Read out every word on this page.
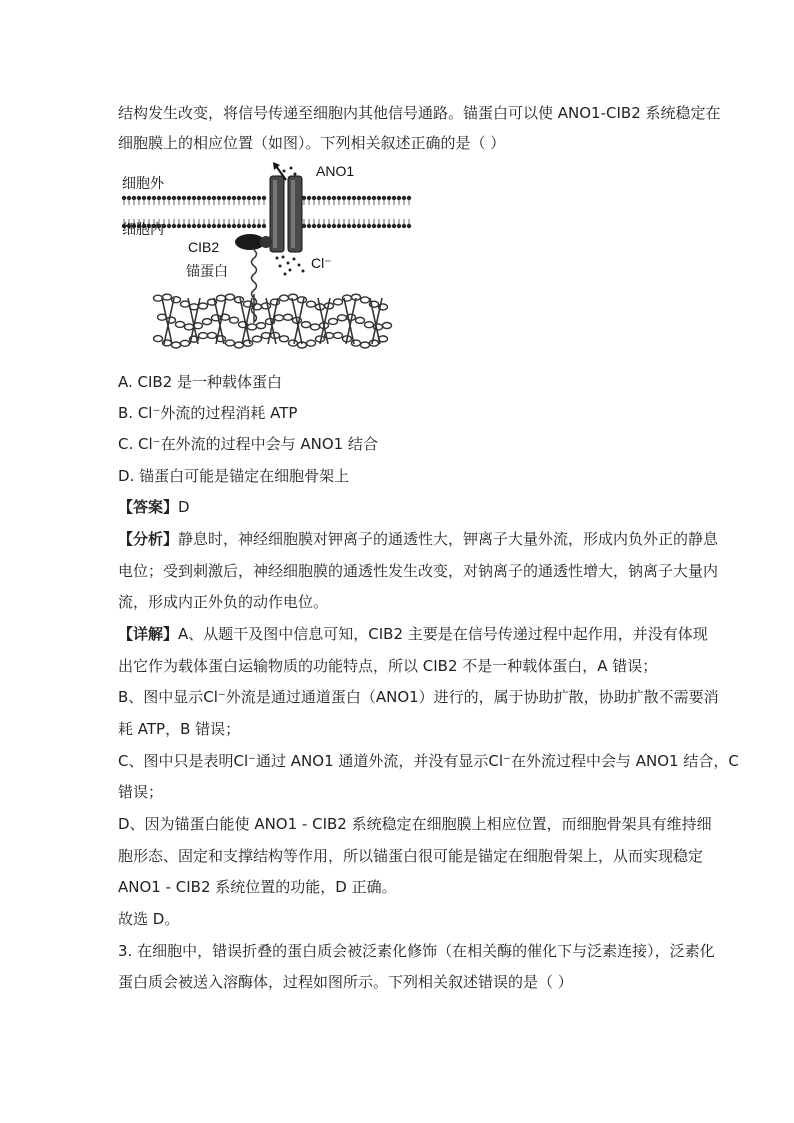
结构发生改变，将信号传递至细胞内其他信号通路。锚蛋白可以使 ANO1-CIB2 系统稳定在
细胞膜上的相应位置（如图）。下列相关叙述正确的是（ ）
细胞外
细胞内
ANO1
CIB2
锚蛋白	Cl⁻
A. CIB2 是一种载体蛋白
B. Cl⁻外流的过程消耗 ATP
C. Cl⁻在外流的过程中会与 ANO1 结合
D. 锚蛋白可能是锚定在细胞骨架上
【答案】D
【分析】静息时，神经细胞膜对钾离子的通透性大，钾离子大量外流，形成内负外正的静息
电位；受到刺激后，神经细胞膜的通透性发生改变，对钠离子的通透性增大，钠离子大量内
流，形成内正外负的动作电位。
【详解】A、从题干及图中信息可知，CIB2 主要是在信号传递过程中起作用，并没有体现
出它作为载体蛋白运输物质的功能特点，所以 CIB2 不是一种载体蛋白，A 错误；
B、图中显示Cl⁻外流是通过通道蛋白（ANO1）进行的，属于协助扩散，协助扩散不需要消
耗 ATP，B 错误；
C、图中只是表明Cl⁻通过 ANO1 通道外流，并没有显示Cl⁻在外流过程中会与 ANO1 结合，C
错误；
D、因为锚蛋白能使 ANO1 - CIB2 系统稳定在细胞膜上相应位置，而细胞骨架具有维持细
胞形态、固定和支撑结构等作用，所以锚蛋白很可能是锚定在细胞骨架上，从而实现稳定
ANO1 - CIB2 系统位置的功能，D 正确。
故选 D。
3. 在细胞中，错误折叠的蛋白质会被泛素化修饰（在相关酶的催化下与泛素连接），泛素化
蛋白质会被送入溶酶体，过程如图所示。下列相关叙述错误的是（ ）
